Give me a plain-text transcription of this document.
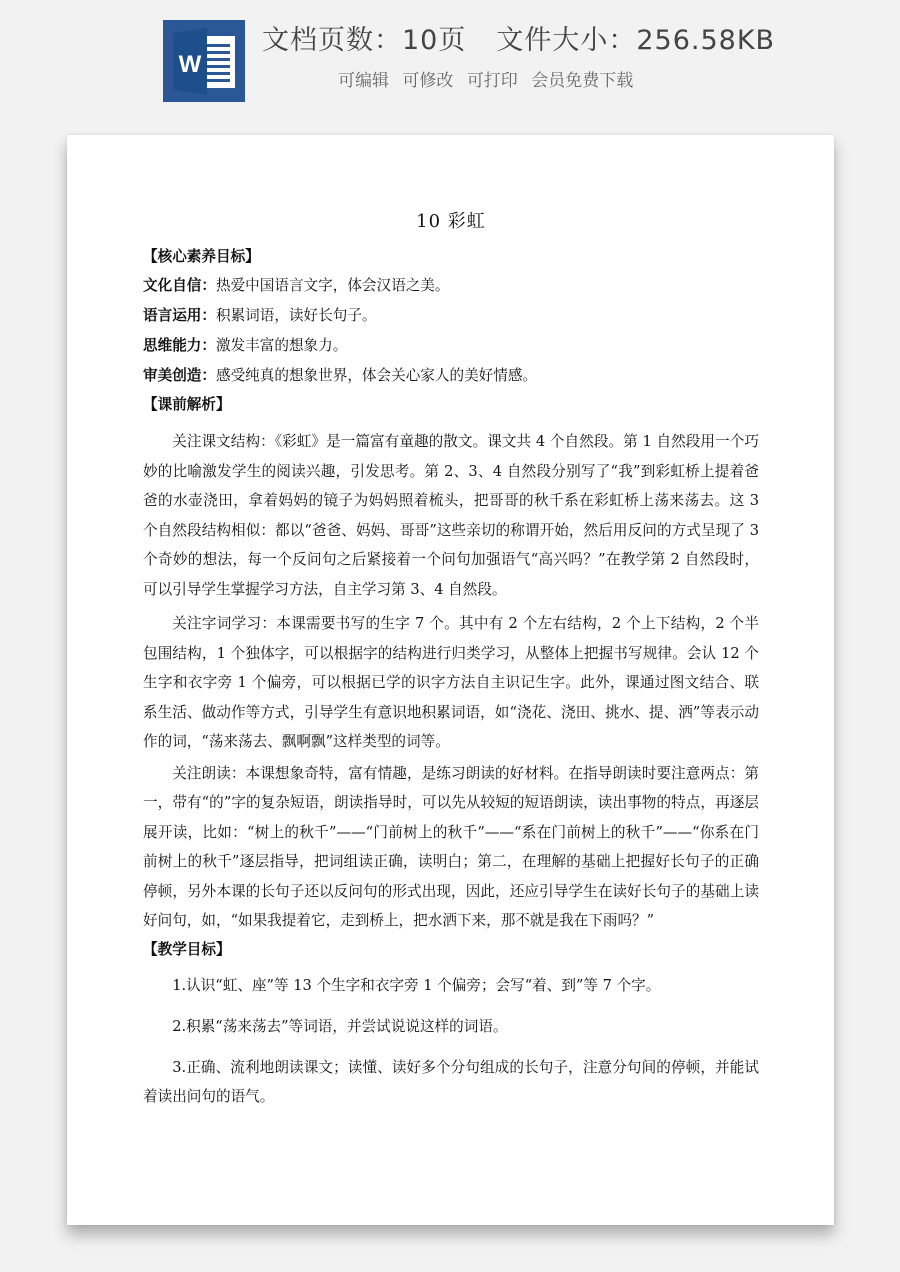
W
文档页数：10页 文件大小：256.58KB
可编辑 可修改 可打印 会员免费下载

10 彩虹

【核心素养目标】

文化自信：热爱中国语言文字，体会汉语之美。

语言运用：积累词语，读好长句子。

思维能力：激发丰富的想象力。

审美创造：感受纯真的想象世界，体会关心家人的美好情感。

【课前解析】

关注课文结构：《彩虹》是一篇富有童趣的散文。课文共 4 个自然段。第 1 自然段用一个巧妙的比喻激发学生的阅读兴趣，引发思考。第 2、3、4 自然段分别写了“我”到彩虹桥上提着爸爸的水壶浇田，拿着妈妈的镜子为妈妈照着梳头，把哥哥的秋千系在彩虹桥上荡来荡去。这 3 个自然段结构相似：都以“爸爸、妈妈、哥哥”这些亲切的称谓开始，然后用反问的方式呈现了 3 个奇妙的想法，每一个反问句之后紧接着一个问句加强语气“高兴吗？”在教学第 2 自然段时，可以引导学生掌握学习方法，自主学习第 3、4 自然段。

关注字词学习：本课需要书写的生字 7 个。其中有 2 个左右结构，2 个上下结构，2 个半包围结构，1 个独体字，可以根据字的结构进行归类学习，从整体上把握书写规律。会认 12 个生字和衣字旁 1 个偏旁，可以根据已学的识字方法自主识记生字。此外，课通过图文结合、联系生活、做动作等方式，引导学生有意识地积累词语，如“浇花、浇田、挑水、提、洒”等表示动作的词，“荡来荡去、飘啊飘”这样类型的词等。

关注朗读：本课想象奇特，富有情趣，是练习朗读的好材料。在指导朗读时要注意两点：第一，带有“的”字的复杂短语，朗读指导时，可以先从较短的短语朗读，读出事物的特点，再逐层展开读，比如：“树上的秋千”——“门前树上的秋千”——“系在门前树上的秋千”——“你系在门前树上的秋千”逐层指导，把词组读正确，读明白；第二，在理解的基础上把握好长句子的正确停顿，另外本课的长句子还以反问句的形式出现，因此，还应引导学生在读好长句子的基础上读好问句，如，“如果我提着它，走到桥上，把水洒下来，那不就是我在下雨吗？”

【教学目标】

1.认识“虹、座”等 13 个生字和衣字旁 1 个偏旁；会写“着、到”等 7 个字。

2.积累“荡来荡去”等词语，并尝试说说这样的词语。

3.正确、流利地朗读课文；读懂、读好多个分句组成的长句子，注意分句间的停顿，并能试着读出问句的语气。
